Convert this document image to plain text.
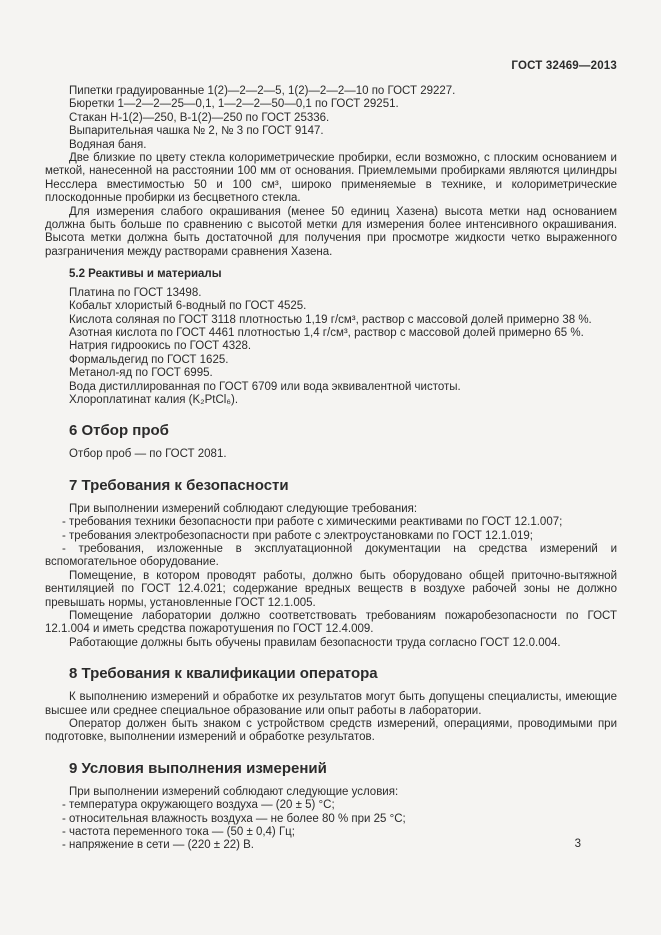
ГОСТ 32469—2013
Пипетки градуированные 1(2)—2—2—5, 1(2)—2—2—10 по ГОСТ 29227.
Бюретки 1—2—2—25—0,1, 1—2—2—50—0,1 по ГОСТ 29251.
Стакан Н-1(2)—250, В-1(2)—250 по ГОСТ 25336.
Выпарительная чашка № 2, № 3 по ГОСТ 9147.
Водяная баня.
Две близкие по цвету стекла колориметрические пробирки, если возможно, с плоским основанием и меткой, нанесенной на расстоянии 100 мм от основания. Приемлемыми пробирками являются цилиндры Несслера вместимостью 50 и 100 см³, широко применяемые в технике, и колориметрические плоскодонные пробирки из бесцветного стекла.
Для измерения слабого окрашивания (менее 50 единиц Хазена) высота метки над основанием должна быть больше по сравнению с высотой метки для измерения более интенсивного окрашивания. Высота метки должна быть достаточной для получения при просмотре жидкости четко выраженного разграничения между растворами сравнения Хазена.
5.2 Реактивы и материалы
Платина по ГОСТ 13498.
Кобальт хлористый 6-водный по ГОСТ 4525.
Кислота соляная по ГОСТ 3118 плотностью 1,19 г/см³, раствор с массовой долей примерно 38 %.
Азотная кислота по ГОСТ 4461 плотностью 1,4 г/см³, раствор с массовой долей примерно 65 %.
Натрия гидроокись по ГОСТ 4328.
Формальдегид по ГОСТ 1625.
Метанол-яд по ГОСТ 6995.
Вода дистиллированная по ГОСТ 6709 или вода эквивалентной чистоты.
Хлороплатинат калия (K₂PtCl₆).
6 Отбор проб
Отбор проб — по ГОСТ 2081.
7 Требования к безопасности
При выполнении измерений соблюдают следующие требования:
- требования техники безопасности при работе с химическими реактивами по ГОСТ 12.1.007;
- требования электробезопасности при работе с электроустановками по ГОСТ 12.1.019;
- требования, изложенные в эксплуатационной документации на средства измерений и вспомогательное оборудование.
Помещение, в котором проводят работы, должно быть оборудовано общей приточно-вытяжной вентиляцией по ГОСТ 12.4.021; содержание вредных веществ в воздухе рабочей зоны не должно превышать нормы, установленные ГОСТ 12.1.005.
Помещение лаборатории должно соответствовать требованиям пожаробезопасности по ГОСТ 12.1.004 и иметь средства пожаротушения по ГОСТ 12.4.009.
Работающие должны быть обучены правилам безопасности труда согласно ГОСТ 12.0.004.
8 Требования к квалификации оператора
К выполнению измерений и обработке их результатов могут быть допущены специалисты, имеющие высшее или среднее специальное образование или опыт работы в лаборатории.
Оператор должен быть знаком с устройством средств измерений, операциями, проводимыми при подготовке, выполнении измерений и обработке результатов.
9 Условия выполнения измерений
При выполнении измерений соблюдают следующие условия:
- температура окружающего воздуха — (20 ± 5) °C;
- относительная влажность воздуха — не более 80 % при 25 °C;
- частота переменного тока — (50 ± 0,4) Гц;
- напряжение в сети — (220 ± 22) В.	3
